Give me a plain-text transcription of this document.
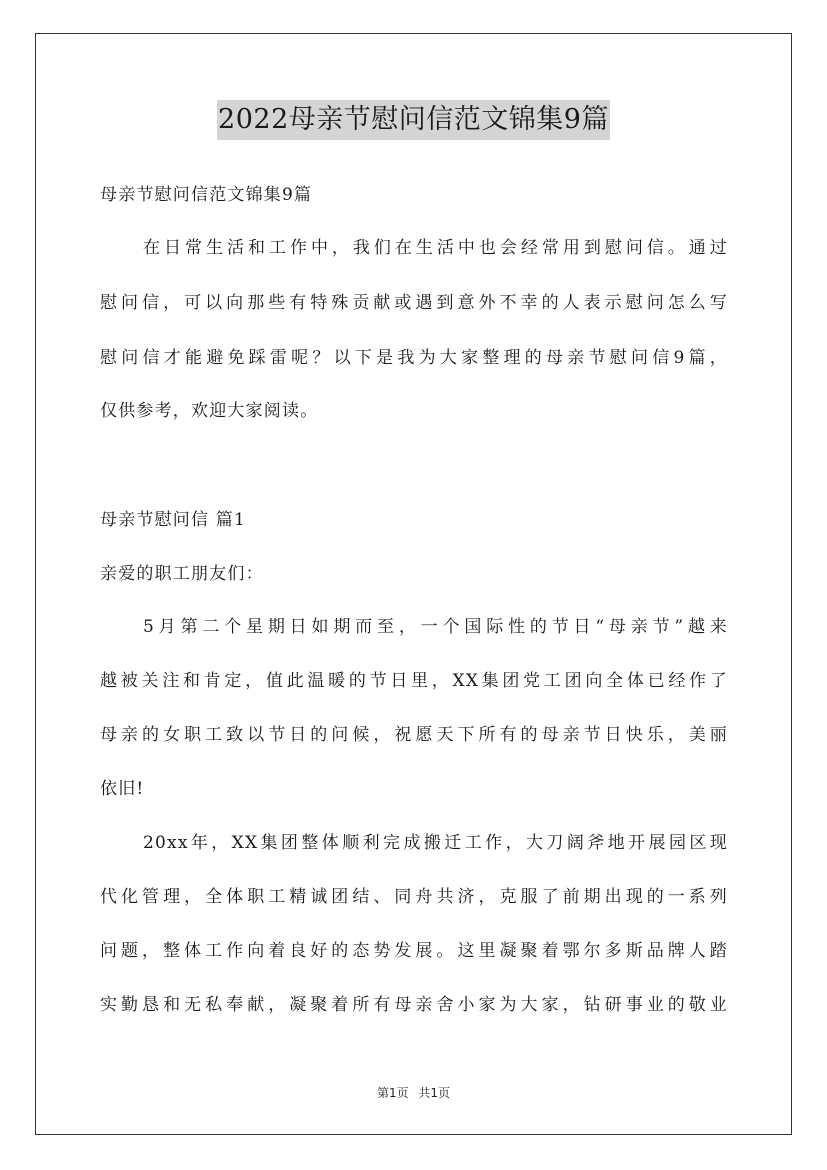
2022母亲节慰问信范文锦集9篇
母亲节慰问信范文锦集9篇
在日常生活和工作中，我们在生活中也会经常用到慰问信。通过
慰问信，可以向那些有特殊贡献或遇到意外不幸的人表示慰问怎么写
慰问信才能避免踩雷呢？以下是我为大家整理的母亲节慰问信9篇，
仅供参考，欢迎大家阅读。
母亲节慰问信 篇1
亲爱的职工朋友们：
5月第二个星期日如期而至，一个国际性的节日“母亲节”越来
越被关注和肯定，值此温暖的节日里，XX集团党工团向全体已经作了
母亲的女职工致以节日的问候，祝愿天下所有的母亲节日快乐，美丽
依旧!
20xx年，XX集团整体顺利完成搬迁工作，大刀阔斧地开展园区现
代化管理，全体职工精诚团结、同舟共济，克服了前期出现的一系列
问题，整体工作向着良好的态势发展。这里凝聚着鄂尔多斯品牌人踏
实勤恳和无私奉献，凝聚着所有母亲舍小家为大家，钻研事业的敬业
第1页 共1页
